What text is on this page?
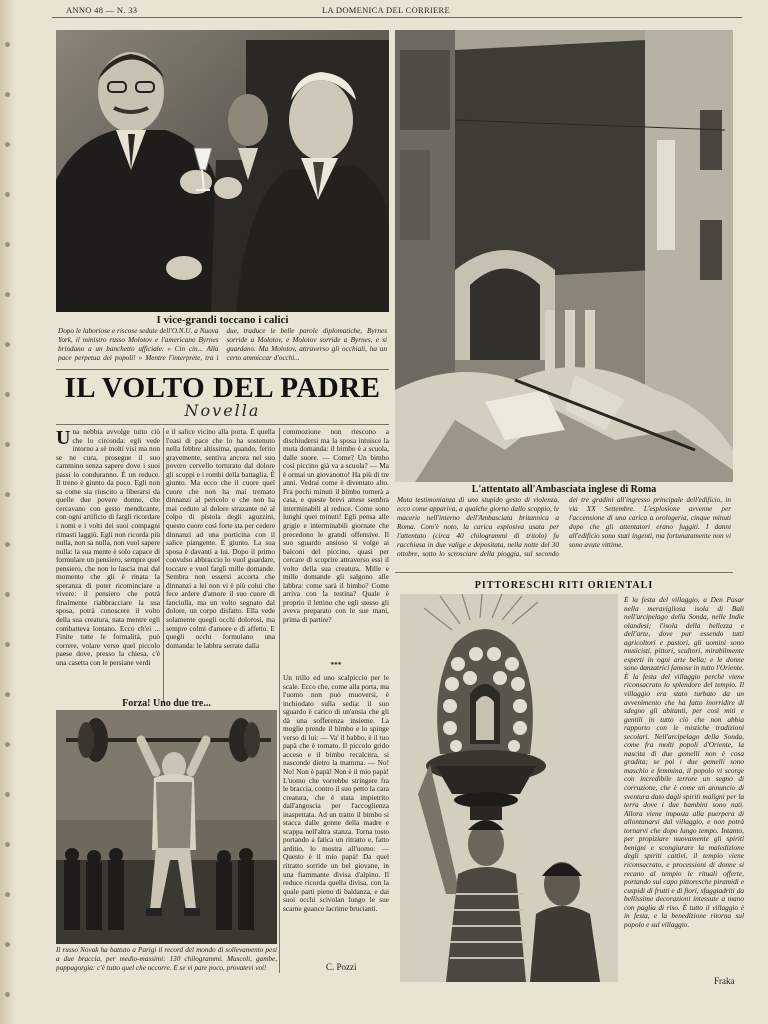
ANNO 48 — N. 33	LA DOMENICA DEL CORRIERE
I vice-grandi toccano i calici
Dopo le laboriose e riscose sedute dell'O.N.U. a Nuova York, il ministro russo Molotov e l'americano Byrnes brindano a un banchetto ufficiale. « Cin cin... Alla pace perpetua dei popoli! » Mentre l'interprete, tra i due, traduce le belle parole diplomatiche, Byrnes sorride a Molotov, e Molotov sorride a Byrnes, e si guardano. Ma Molotov, attraverso gli occhiali, ha un certo ammiccar d'occhi...
IL VOLTO DEL PADRE
Novella
Una nebbia avvolge tutto ciò che lo circonda: egli vede intorno a sè molti visi ma non se ne cura, prosegue il suo cammino senza sapere dove i suoi passi lo conduranno. È un reduce. Il treno è giunto da poco. Egli non sa come sia riuscito a liberarsi da quelle due povere donne, che cercavano con gesto mendicante, con ogni artificio di farglì ricordare i nomi e i volti dei suoi compagni rimasti laggiù. Egli non ricorda più nulla, non sa nulla, non vuol sapere nulla: la sua mente è solo capace di formulare un pensiero, sempre quel pensiero, che non lo lascia mai dal momento che gli è rinata la speranza di poter ricominciare a vivere: il pensiero che potrà finalmente riabbracciare la sua sposa, potrà conoscere il volto della sua creatura, nata mentre egli combatteva lontano. Ecco ch'ei ... Finite tutte le formalità, può correre, volare verso quel piccolo paese dove, presso la chiesa, c'è una casetta con le persiane verdi
e il salice vicino alla porta. È quella l'oasi di pace che lo ha sostenuto nella febbre altissima, quando, ferito gravemente, sentiva ancora nel suo povero cervello torturato dal dolore gli scoppi e i rombi della battaglia. È giunto. Ma ecco che il cuore quel cuore che non ha mai tremato dinnanzi al pericolo e che non ha mai ceduto al dolore strazante né al colpo di pistola degli aguzzini, questo cuore così forte sta per cedere dinnanzi ad una porticina con il salice piangente. È giunto. La sua sposa è davanti a lui. Dopo il primo convulso abbraccio lo vuol guardare, toccare e vuol farglì mille domande. Sembra non essersi accorta che dinnanzi a lei non vi è più colui che fece ardere d'amore il suo cuore di fanciulla, ma un volto segnato dal dolore, un corpo disfatto. Ella vede solamente quegli occhi dolorosi, ma sempre colmi d'amore e di affetto. E quegli occhi formulano una domanda: le labbra serrate dalla
commozione non riescono a dischiudersi ma la sposa intuisce la muta domanda: il bimbo è a scuola, dalle suore. — Come? Un bimbo così piccino già va a scuola? — Ma è ormai un giovanotto! Ha più di tre anni. Vedrai come è diventato alto. Fra pochi minuti il bimbo tornerà a casa, e queste brevi attese sembra interminabili al reduce. Come sono lunghi quei minuti! Egli pensa alle grigie e interminabili giornate che precedono le grandi offensive. Il suo sguardo ansioso si volge ai balconi del piccino, quasi per cercare di scoprire attraverso essi il volto della sua creatura. Mille e mille domande gli salgono alle labbra: come sarà il bimbo? Come arriva con la testina? Quale è proprio il lettino che egli stesso gli aveva preparato con le sue mani, prima di partire?
***
Un trillo ed uno scalpiccio per le scale. Ecco che, come alla porta, ma l'uomo non può muoversi, è inchiodato sulla sedia: il suo sguardo è carico di un'ansia che gli dà una sofferenza insieme. La moglie prende il bimbo e lo spinge verso di lui: — Va' il babbo, è il tuo papà che è tornato. Il piccolo grido acceso e il bimbo recalcitra, si nasconde dietro la mamma. — No! No! Non è papà! Non è il mio papà! L'uomo che vorrebbe stringere fra le braccia, contro il suo petto la cara creatura, che è stata impietrito dall'angoscia per l'accoglienza inaspettata. Ad un tratto il bimbo si stacca dalle gonne della madre e scappa nell'altra stanza. Torna tosto portando a fatica un ritratto e, fatto arditio, lo mostra all'uomo: — Questo è il mio papà! Da quel ritratto sorride un bel giovane, in una fiammante divisa d'alpino. Il reduce ricorda quella divisa, con la quale parti pieno di baldanza, e dai suoi occhi scivolan lungo le sue scarne guance lacrime brucianti.
C. Pozzi
Forza! Uno due tre...
Il russo Novak ha battuto a Parigi il record del mondo di sollevamento pesi a due braccia, per medio-massimi: 130 chilogrammi. Muscoli, gambe, pappagorgia: c'è tutto quel che occorre. E se vi pare poco, provatevi voi!
L'attentato all'Ambasciata inglese di Roma
Muta testimonianza di uno stupido gesto di violenza, ecco come appariva, a qualche giorno dallo scoppio, le macerie nell'interno dell'Ambasciata britannica a Roma. Com'è noto, la carica esplosiva usata per l'attentato (circa 40 chilogrammi di tritolo) fu racchiusa in due valige e depositata, nella notte del 30 ottobre, sotto lo scrosciare della pioggia, sul secondo dei tre gradini all'ingresso principale dell'edificio, in via XX Settembre. L'esplosione avvenne per l'accensione di una carica a orologeria, cinque minuti dopo che gli attentatori erano fuggiti. I danni all'edificio sono stati ingenti, ma fortunatamente non vi sono avute vittime.
PITTORESCHI RITI ORIENTALI
È la festa del villaggio, a Den Pasar nella meravigliosa isola di Bali nell'arcipelago della Sonda, nelle Indie olandesi; l'isola della bellezza e dell'arte, dove pur essendo tutti agricoltori e pastori, gli uomini sono musicisti, pittori, scultori, mirabilmente esperti in ogni arte bella; e le donne sono danzatrici famose in tutto l'Oriente. È la festa del villaggio perchè viene riconsacrato lo splendore del tempio. Il villaggio era stato turbato da un avvenimento che ha fatto inorridire di sdegno gli abitanti, per così miti e gentili in tutto ciò che non abbia rapporto con le mistiche tradizioni secolari. Nell'arcipelago della Sonda, come fra molti popoli d'Oriente, la nascita di due gemelli non è cosa gradita; se poi i due gemelli sono maschio e femmina, il popolo vi scorge con incredibile terrore un segno di corruzione, che è come un annuncio di sventura dato dagli spiriti maligni per la terra dove i due bambini sono nati. Allora viene imposta alla puerpera di allontanarsi dal villaggio, e non potrà tornarvi che dopo lungo tempo. Intanto, per propiziare nuovamente gli spiriti benigni e scongiurare la maledizione degli spiriti cattivi, il tempio viene riconsacrato, e processioni di donne si recano al tempio le rituali offerte, portando sul capo pittoresche piramidi e cuspidi di frutti e di fiori, sfaggiadriti da bellissime decorazioni intessute a mano con paglia di riso. È tutto il villaggio è in festa, e la benedizione ritorna sul popolo e sul villaggio.
Fraka
